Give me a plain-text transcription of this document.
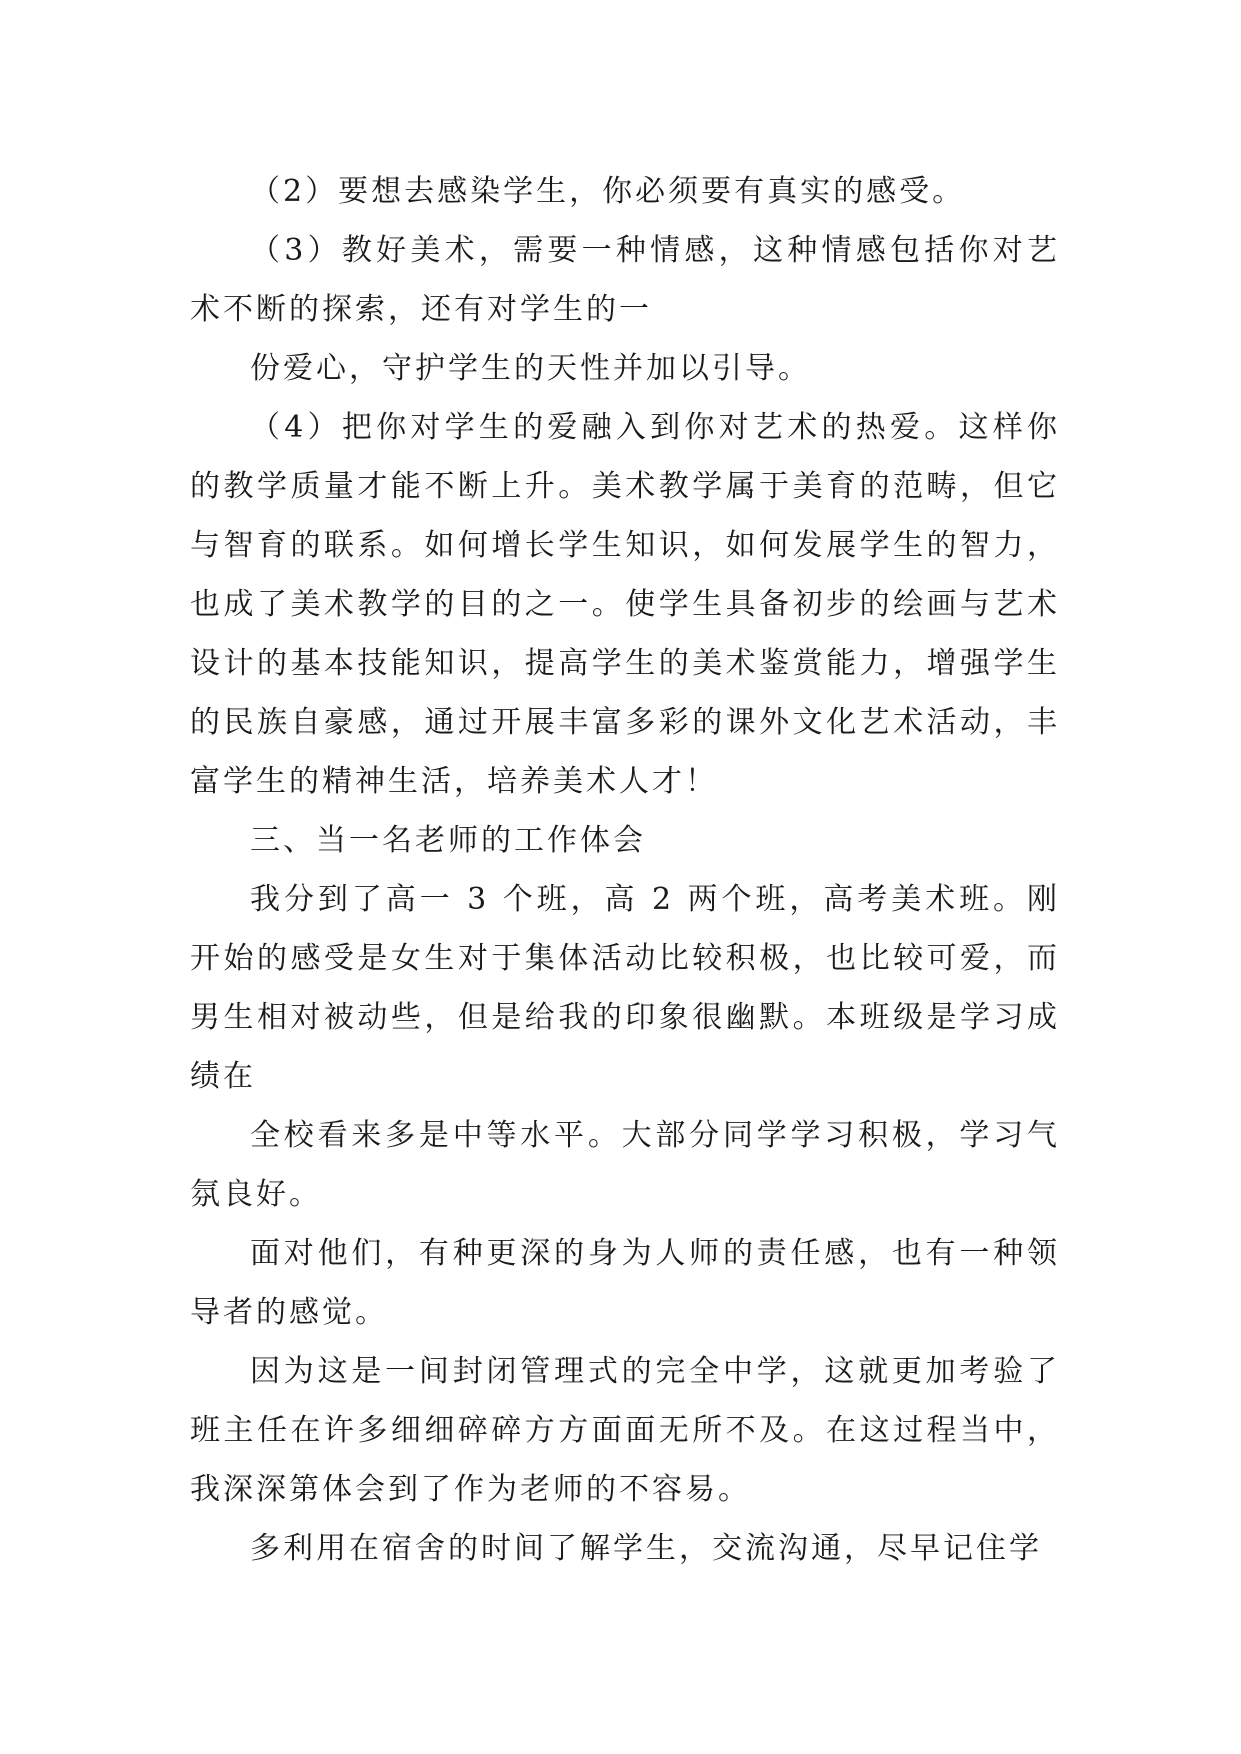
（2）要想去感染学生，你必须要有真实的感受。

（3）教好美术，需要一种情感，这种情感包括你对艺术不断的探索，还有对学生的一

份爱心，守护学生的天性并加以引导。

（4）把你对学生的爱融入到你对艺术的热爱。这样你的教学质量才能不断上升。美术教学属于美育的范畴，但它与智育的联系。如何增长学生知识，如何发展学生的智力，也成了美术教学的目的之一。使学生具备初步的绘画与艺术设计的基本技能知识，提高学生的美术鉴赏能力，增强学生的民族自豪感，通过开展丰富多彩的课外文化艺术活动，丰富学生的精神生活，培养美术人才！

三、当一名老师的工作体会

我分到了高一 3 个班，高 2 两个班，高考美术班。刚开始的感受是女生对于集体活动比较积极，也比较可爱，而男生相对被动些，但是给我的印象很幽默。本班级是学习成绩在

全校看来多是中等水平。大部分同学学习积极，学习气氛良好。

面对他们，有种更深的身为人师的责任感，也有一种领导者的感觉。

因为这是一间封闭管理式的完全中学，这就更加考验了班主任在许多细细碎碎方方面面无所不及。在这过程当中，我深深第体会到了作为老师的不容易。

多利用在宿舍的时间了解学生，交流沟通，尽早记住学
